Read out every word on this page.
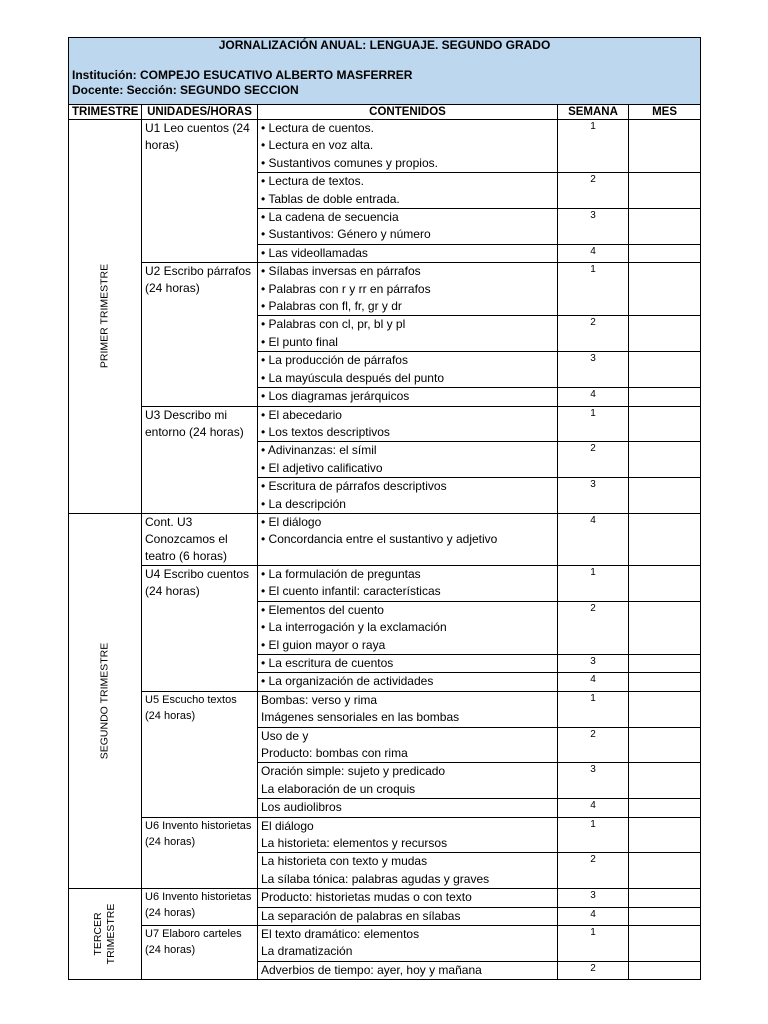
JORNALIZACIÓN ANUAL: LENGUAJE. SEGUNDO GRADO
Institución: COMPEJO ESUCATIVO ALBERTO MASFERRER
Docente: Sección: SEGUNDO SECCION				

TRIMESTRE	UNIDADES/HORAS	CONTENIDOS	SEMANA	MES

PRIMER TRIMESTRE	U1 Leo cuentos (24 horas)	• Lectura de cuentos.
• Lectura en voz alta.
• Sustantivos comunes y propios.	1	

		• Lectura de textos.
• Tablas de doble entrada.	2	

		• La cadena de secuencia
• Sustantivos: Género y número	3	

		• Las videollamadas	4	
	U2 Escribo párrafos (24 horas)	• Sílabas inversas en párrafos
• Palabras con r y rr en párrafos
• Palabras con fl, fr, gr y dr	1	

		• Palabras con cl, pr, bl y pl
• El punto final	2	

		• La producción de párrafos
• La mayúscula después del punto	3	

		• Los diagramas jerárquicos	4	
	U3 Describo mi entorno (24 horas)	• El abecedario
• Los textos descriptivos	1	

		• Adivinanzas: el símil
• El adjetivo calificativo	2	

		• Escritura de párrafos descriptivos
• La descripción	3	

SEGUNDO TRIMESTRE	Cont. U3 Conozcamos el teatro (6 horas)	• El diálogo
• Concordancia entre el sustantivo y adjetivo	4	
	U4 Escribo cuentos (24 horas)	• La formulación de preguntas
• El cuento infantil: características	1	

		• Elementos del cuento
• La interrogación y la exclamación
• El guion mayor o raya	2	

		• La escritura de cuentos	3	

		• La organización de actividades	4	
	U5 Escucho textos (24 horas)	Bombas: verso y rima
Imágenes sensoriales en las bombas	1	

		Uso de y
Producto: bombas con rima	2	

		Oración simple: sujeto y predicado
La elaboración de un croquis	3	

		Los audiolibros	4	
	U6 Invento historietas (24 horas)	El diálogo
La historieta: elementos y recursos	1	

		La historieta con texto y mudas
La sílaba tónica: palabras agudas y graves	2	

TERCER
TRIMESTRE	U6 Invento historietas (24 horas)	Producto: historietas mudas o con texto	3	

		La separación de palabras en sílabas	4	
	U7 Elaboro carteles (24 horas)	El texto dramático: elementos
La dramatización	1	

		Adverbios de tiempo: ayer, hoy y mañana	2	
